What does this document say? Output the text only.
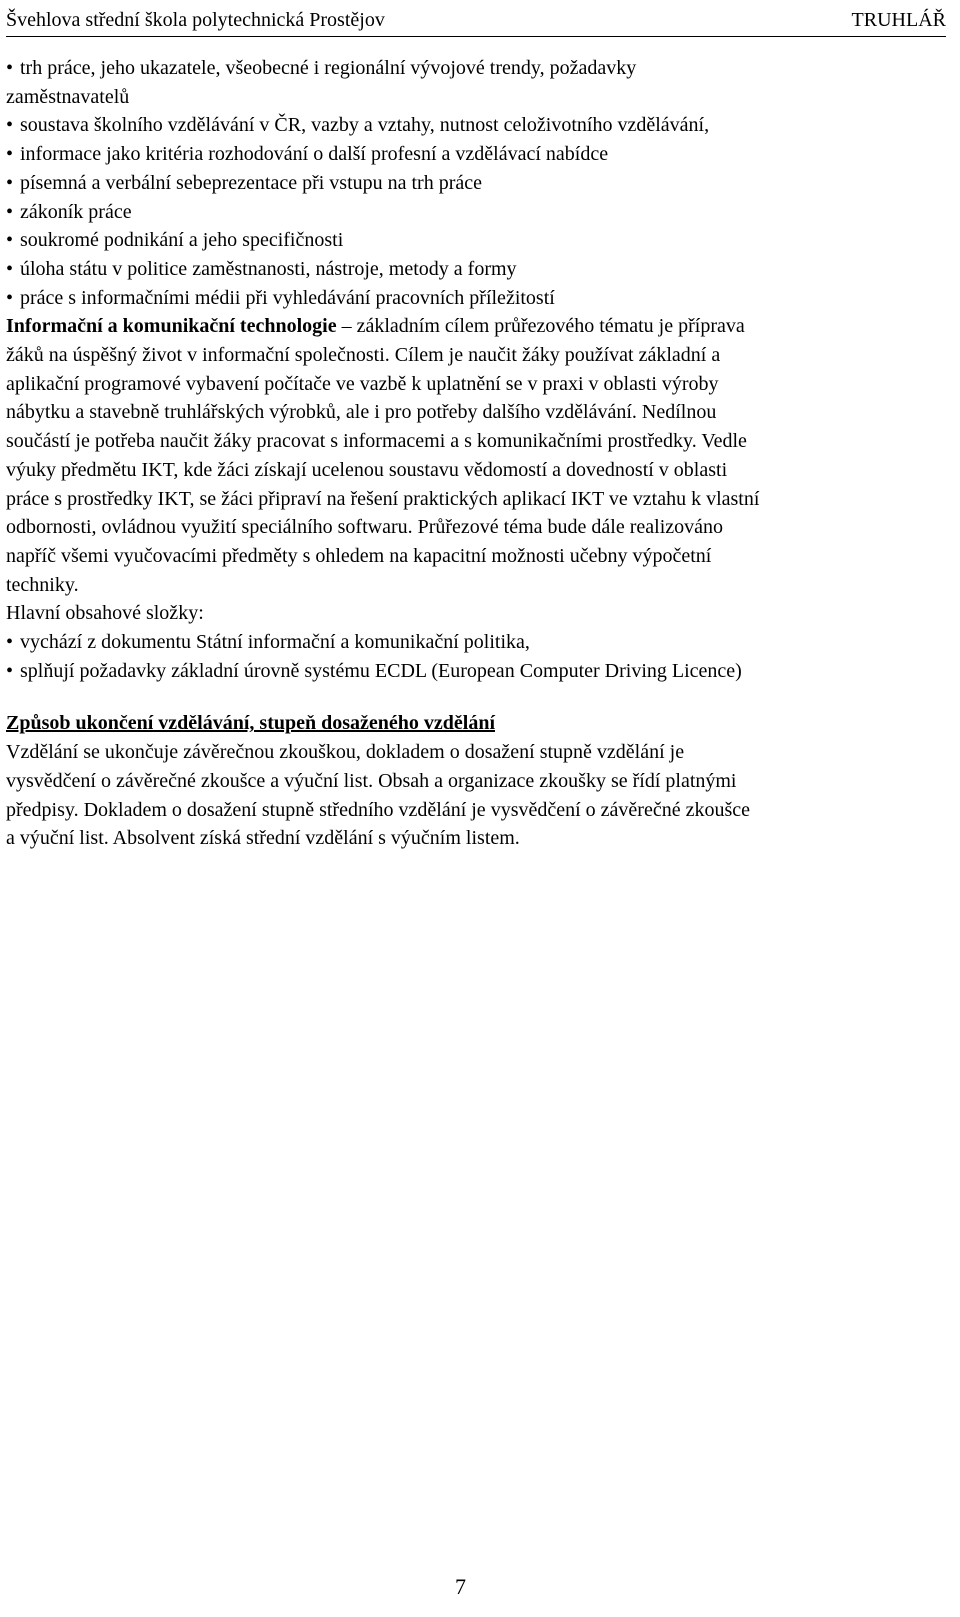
Švehlova střední škola polytechnická Prostějov	TRUHLÁŘ
• trh práce, jeho ukazatele, všeobecné i regionální vývojové trendy, požadavky
zaměstnavatelů
• soustava školního vzdělávání v ČR, vazby a vztahy, nutnost celoživotního vzdělávání,
• informace jako kritéria rozhodování o další profesní a vzdělávací nabídce
• písemná a verbální sebeprezentace při vstupu na trh práce
• zákoník práce
• soukromé podnikání a jeho specifičnosti
• úloha státu v politice zaměstnanosti, nástroje, metody a formy
• práce s informačními médii při vyhledávání pracovních příležitostí
Informační a komunikační technologie – základním cílem průřezového tématu je příprava
žáků na úspěšný život v informační společnosti. Cílem je naučit žáky používat základní a
aplikační programové vybavení počítače ve vazbě k uplatnění se v praxi v oblasti výroby
nábytku a stavebně truhlářských výrobků, ale i pro potřeby dalšího vzdělávání. Nedílnou
součástí je potřeba naučit žáky pracovat s informacemi a s komunikačními prostředky. Vedle
výuky předmětu IKT, kde žáci získají ucelenou soustavu vědomostí a dovedností v oblasti
práce s prostředky IKT, se žáci připraví na řešení praktických aplikací IKT ve vztahu k vlastní
odbornosti, ovládnou využití speciálního softwaru. Průřezové téma bude dále realizováno
napříč všemi vyučovacími předměty s ohledem na kapacitní možnosti učebny výpočetní
techniky.
Hlavní obsahové složky:
• vychází z dokumentu Státní informační a komunikační politika,
• splňují požadavky základní úrovně systému ECDL (European Computer Driving Licence)
Způsob ukončení vzdělávání, stupeň dosaženého vzdělání
Vzdělání se ukončuje závěrečnou zkouškou, dokladem o dosažení stupně vzdělání je
vysvědčení o závěrečné zkoušce a výuční list. Obsah a organizace zkoušky se řídí platnými
předpisy. Dokladem o dosažení stupně středního vzdělání je vysvědčení o závěrečné zkoušce
a výuční list. Absolvent získá střední vzdělání s výučním listem.
7
